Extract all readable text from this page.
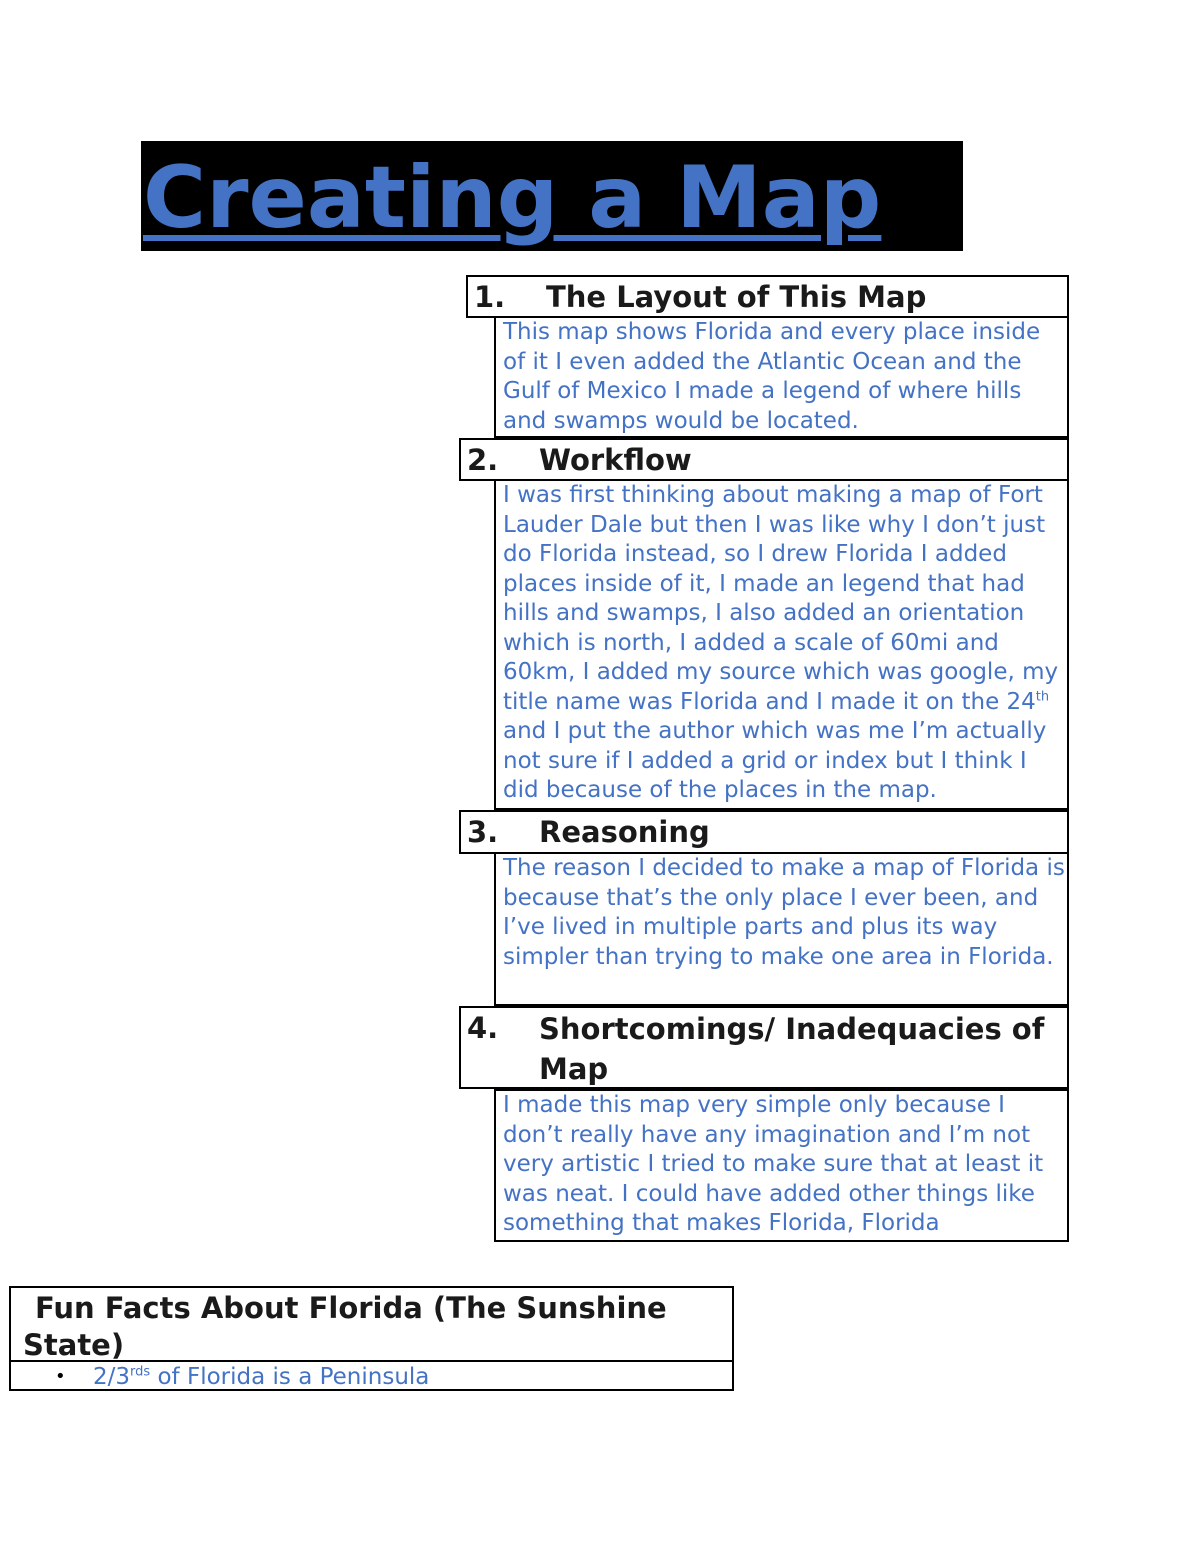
Creating a Map
1. The Layout of This Map
This map shows Florida and every place inside of it I even added the Atlantic Ocean and the Gulf of Mexico I made a legend of where hills and swamps would be located.
2. Workflow
I was first thinking about making a map of Fort Lauder Dale but then I was like why I don’t just do Florida instead, so I drew Florida I added places inside of it, I made an legend that had hills and swamps, I also added an orientation which is north, I added a scale of 60mi and 60km, I added my source which was google, my title name was Florida and I made it on the 24th and I put the author which was me I’m actually not sure if I added a grid or index but I think I did because of the places in the map.
3. Reasoning
The reason I decided to make a map of Florida is because that’s the only place I ever been, and I’ve lived in multiple parts and plus its way simpler than trying to make one area in Florida.
4. Shortcomings/ Inadequacies of Map
I made this map very simple only because I don’t really have any imagination and I’m not very artistic I tried to make sure that at least it was neat. I could have added other things like something that makes Florida, Florida
Fun Facts About Florida (The Sunshine State)
• $2/3^{rds}$ of Florida is a Peninsula
